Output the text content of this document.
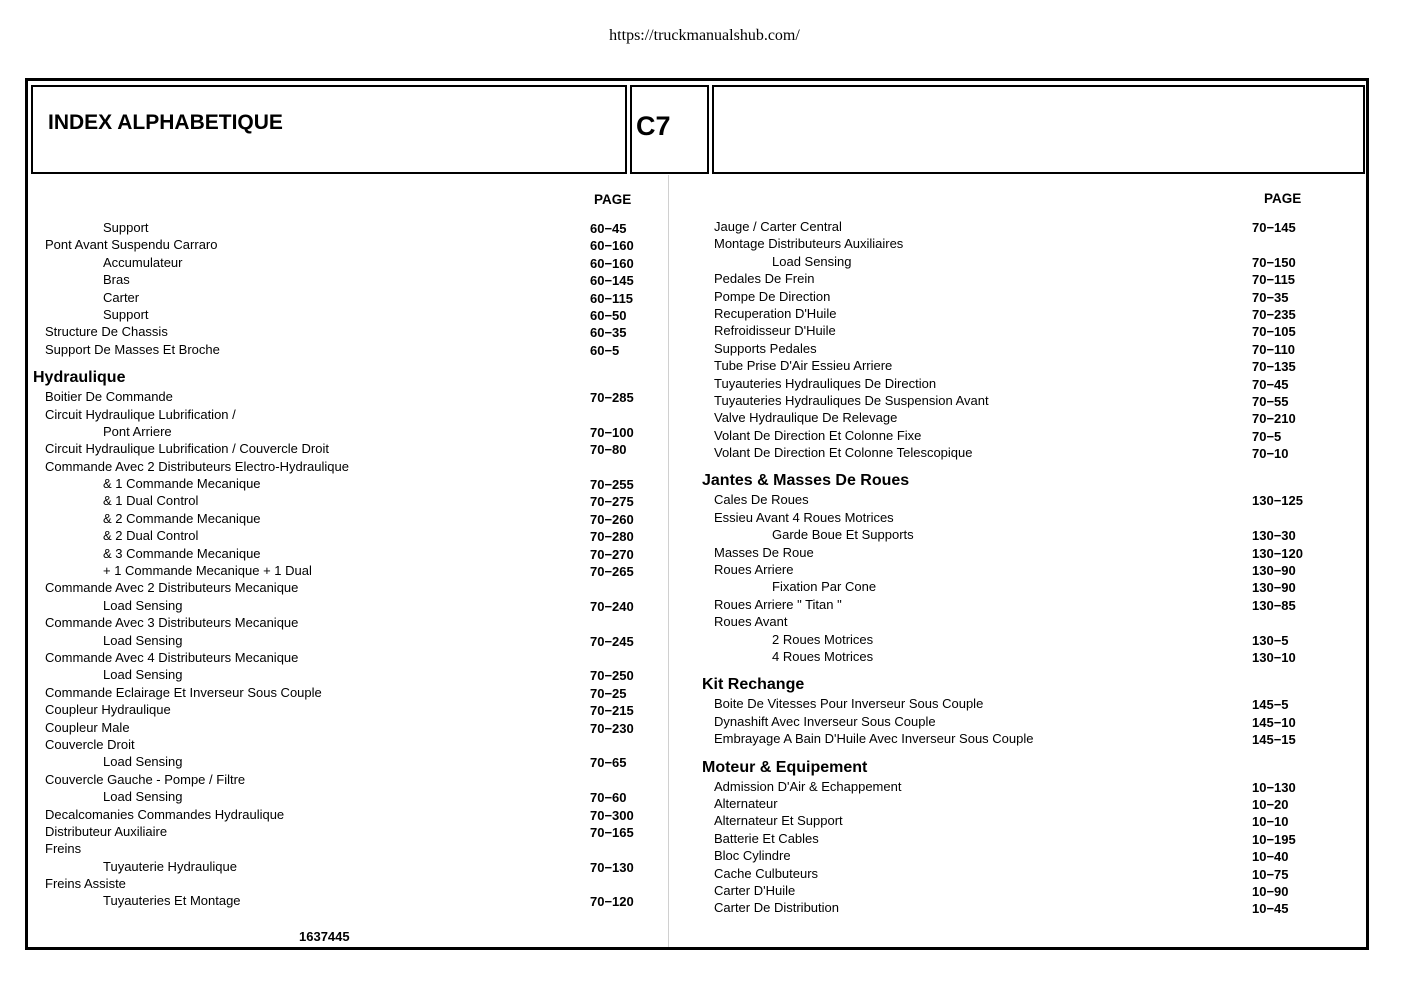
https://truckmanualshub.com/
INDEX ALPHABETIQUE	C7
PAGE
Support	60−45
Pont Avant Suspendu Carraro	60−160
Accumulateur	60−160
Bras	60−145
Carter	60−115
Support	60−50
Structure De Chassis	60−35
Support De Masses Et Broche	60−5
Hydraulique
Boitier De Commande	70−285
Circuit Hydraulique Lubrification /
Pont Arriere	70−100
Circuit Hydraulique Lubrification / Couvercle Droit	70−80
Commande Avec 2 Distributeurs Electro-Hydraulique
& 1 Commande Mecanique	70−255
& 1 Dual Control	70−275
& 2 Commande Mecanique	70−260
& 2 Dual Control	70−280
& 3 Commande Mecanique	70−270
+ 1 Commande Mecanique + 1 Dual	70−265
Commande Avec 2 Distributeurs Mecanique
Load Sensing	70−240
Commande Avec 3 Distributeurs Mecanique
Load Sensing	70−245
Commande Avec 4 Distributeurs Mecanique
Load Sensing	70−250
Commande Eclairage Et Inverseur Sous Couple	70−25
Coupleur Hydraulique	70−215
Coupleur Male	70−230
Couvercle Droit
Load Sensing	70−65
Couvercle Gauche - Pompe / Filtre
Load Sensing	70−60
Decalcomanies Commandes Hydraulique	70−300
Distributeur Auxiliaire	70−165
Freins
Tuyauterie Hydraulique	70−130
Freins Assiste
Tuyauteries Et Montage	70−120
PAGE
Jauge / Carter Central	70−145
Montage Distributeurs Auxiliaires
Load Sensing	70−150
Pedales De Frein	70−115
Pompe De Direction	70−35
Recuperation D'Huile	70−235
Refroidisseur D'Huile	70−105
Supports Pedales	70−110
Tube Prise D'Air Essieu Arriere	70−135
Tuyauteries Hydrauliques De Direction	70−45
Tuyauteries Hydrauliques De Suspension Avant	70−55
Valve Hydraulique De Relevage	70−210
Volant De Direction Et Colonne Fixe	70−5
Volant De Direction Et Colonne Telescopique	70−10
Jantes & Masses De Roues
Cales De Roues	130−125
Essieu Avant 4 Roues Motrices
Garde Boue Et Supports	130−30
Masses De Roue	130−120
Roues Arriere	130−90
Fixation Par Cone	130−90
Roues Arriere " Titan "	130−85
Roues Avant
2 Roues Motrices	130−5
4 Roues Motrices	130−10
Kit Rechange
Boite De Vitesses Pour Inverseur Sous Couple	145−5
Dynashift Avec Inverseur Sous Couple	145−10
Embrayage A Bain D'Huile Avec Inverseur Sous Couple	145−15
Moteur & Equipement
Admission D'Air & Echappement	10−130
Alternateur	10−20
Alternateur Et Support	10−10
Batterie Et Cables	10−195
Bloc Cylindre	10−40
Cache Culbuteurs	10−75
Carter D'Huile	10−90
Carter De Distribution	10−45
1637445
